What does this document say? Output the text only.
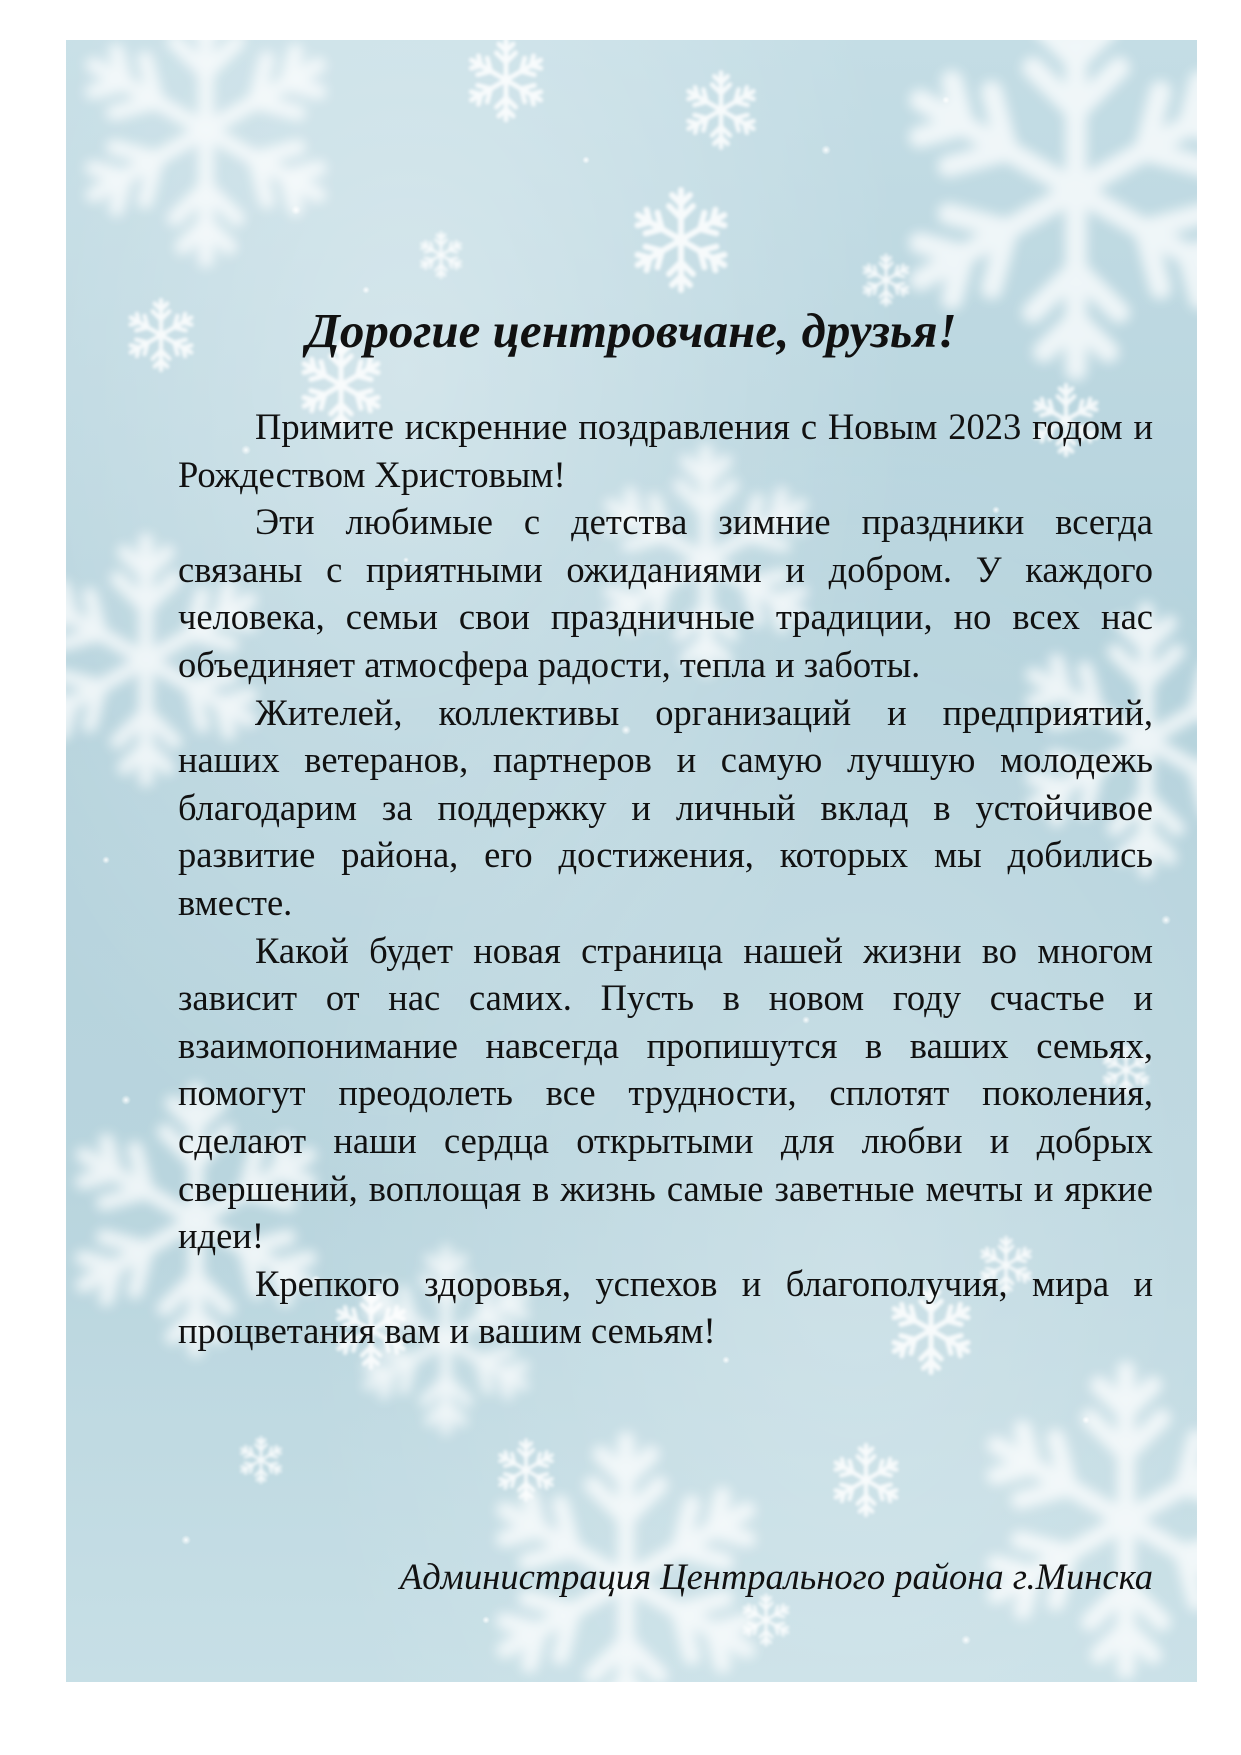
Дорогие центровчане, друзья!

Примите искренние поздравления с Новым 2023 годом и Рождеством Христовым!

Эти любимые с детства зимние праздники всегда связаны с приятными ожиданиями и добром. У каждого человека, семьи свои праздничные традиции, но всех нас объединяет атмосфера радости, тепла и заботы.

Жителей, коллективы организаций и предприятий, наших ветеранов, партнеров и самую лучшую молодежь благодарим за поддержку и личный вклад в устойчивое развитие района, его достижения, которых мы добились вместе.

Какой будет новая страница нашей жизни во многом зависит от нас самих. Пусть в новом году счастье и взаимопонимание навсегда пропишутся в ваших семьях, помогут преодолеть все трудности, сплотят поколения, сделают наши сердца открытыми для любви и добрых свершений, воплощая в жизнь самые заветные мечты и яркие идеи!

Крепкого здоровья, успехов и благополучия, мира и процветания вам и вашим семьям!

Администрация Центрального района г.Минска
